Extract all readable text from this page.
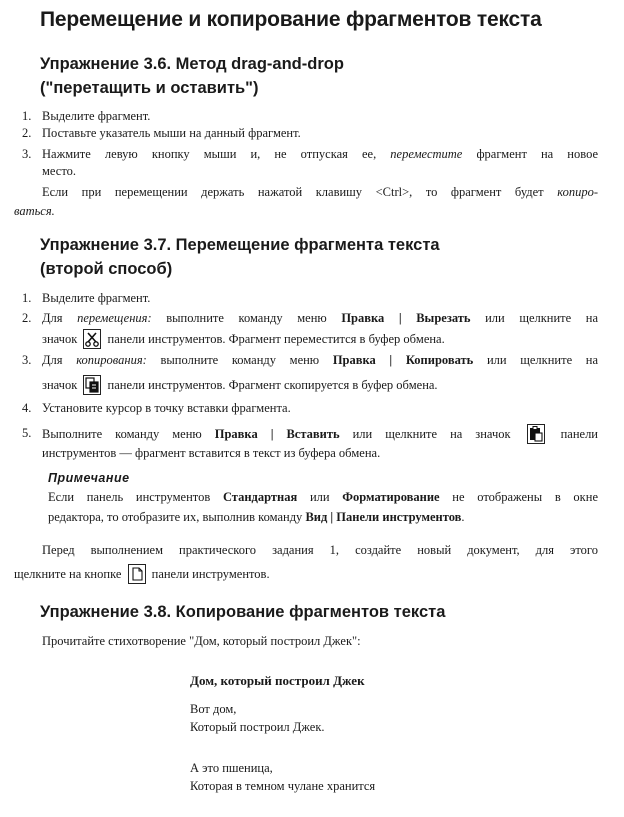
Перемещение и копирование фрагментов текста
Упражнение 3.6. Метод drag-and-drop
("перетащить и оставить")
1. Выделите фрагмент.
2. Поставьте указатель мыши на данный фрагмент.
3. Нажмите левую кнопку мыши и, не отпуская ее, переместите фрагмент на новое
место.
Если при перемещении держать нажатой клавишу <Ctrl>, то фрагмент будет копиро-
ваться.
Упражнение 3.7. Перемещение фрагмента текста
(второй способ)
1. Выделите фрагмент.
2. Для перемещения: выполните команду меню Правка | Вырезать или щелкните на
значок панели инструментов. Фрагмент переместится в буфер обмена.
3. Для копирования: выполните команду меню Правка | Копировать или щелкните на
значок панели инструментов. Фрагмент скопируется в буфер обмена.
4. Установите курсор в точку вставки фрагмента.
5. Выполните команду меню Правка | Вставить или щелкните на значок	панели
инструментов — фрагмент вставится в текст из буфера обмена.
Примечание
Если панель инструментов Стандартная или Форматирование не отображены в окне
редактора, то отобразите их, выполнив команду Вид | Панели инструментов.
Перед выполнением практического задания 1, создайте новый документ, для этого
щелкните на кнопке панели инструментов.
Упражнение 3.8. Копирование фрагментов текста
Прочитайте стихотворение "Дом, который построил Джек":
Дом, который построил Джек
Вот дом,
Который построил Джек.
А это пшеница,
Которая в темном чулане хранится
